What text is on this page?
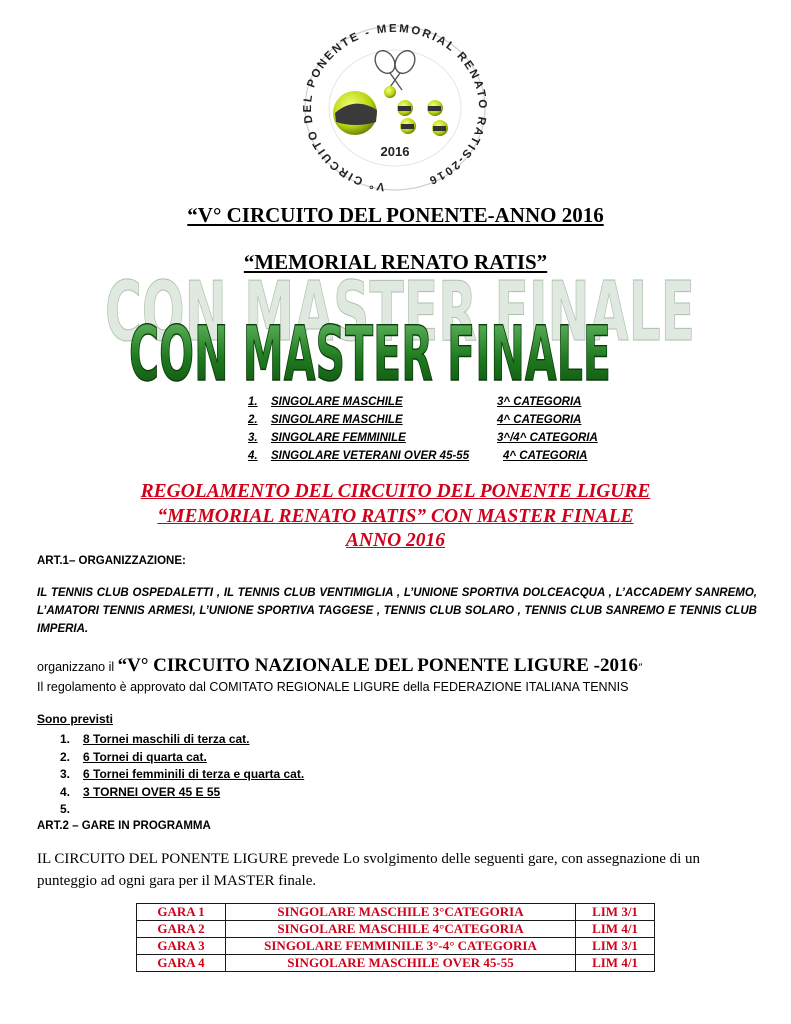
V° CIRCUITO DEL PONENTE - MEMORIAL RENATO RATIS-2016
2016
“V° CIRCUITO DEL PONENTE-ANNO 2016
“MEMORIAL RENATO RATIS”
CON MASTER FINALE
CON MASTER FINALE
1.	SINGOLARE MASCHILE	3^ CATEGORIA
2.	SINGOLARE MASCHILE	4^ CATEGORIA
3.	SINGOLARE FEMMINILE	3^/4^ CATEGORIA
4.	SINGOLARE VETERANI OVER 45-55	4^ CATEGORIA
REGOLAMENTO DEL CIRCUITO DEL PONENTE LIGURE
“MEMORIAL RENATO RATIS” CON MASTER FINALE
ANNO 2016
ART.1– ORGANIZZAZIONE:
IL TENNIS CLUB OSPEDALETTI , IL TENNIS CLUB VENTIMIGLIA , L’UNIONE SPORTIVA DOLCEACQUA , L’ACCADEMY SANREMO, L’AMATORI TENNIS ARMESI, L’UNIONE SPORTIVA TAGGESE , TENNIS CLUB SOLARO , TENNIS CLUB SANREMO E TENNIS CLUB IMPERIA.
organizzano il “V° CIRCUITO NAZIONALE DEL PONENTE LIGURE -2016”
Il regolamento è approvato dal COMITATO REGIONALE LIGURE della FEDERAZIONE ITALIANA TENNIS
Sono previsti
1.	8 Tornei maschili di terza cat.
2.	6 Tornei di quarta cat.
3.	6 Tornei femminili di terza e quarta cat.
4.	3 TORNEI OVER 45 E 55
5.
ART.2 – GARE IN PROGRAMMA
IL CIRCUITO DEL PONENTE LIGURE prevede Lo svolgimento delle seguenti gare, con assegnazione di un punteggio ad ogni gara per il MASTER finale.
GARA 1	SINGOLARE MASCHILE 3°CATEGORIA	LIM 3/1
GARA 2	SINGOLARE MASCHILE 4°CATEGORIA	LIM 4/1
GARA 3	SINGOLARE FEMMINILE 3°-4° CATEGORIA	LIM 3/1
GARA 4	SINGOLARE MASCHILE OVER 45-55	LIM 4/1
